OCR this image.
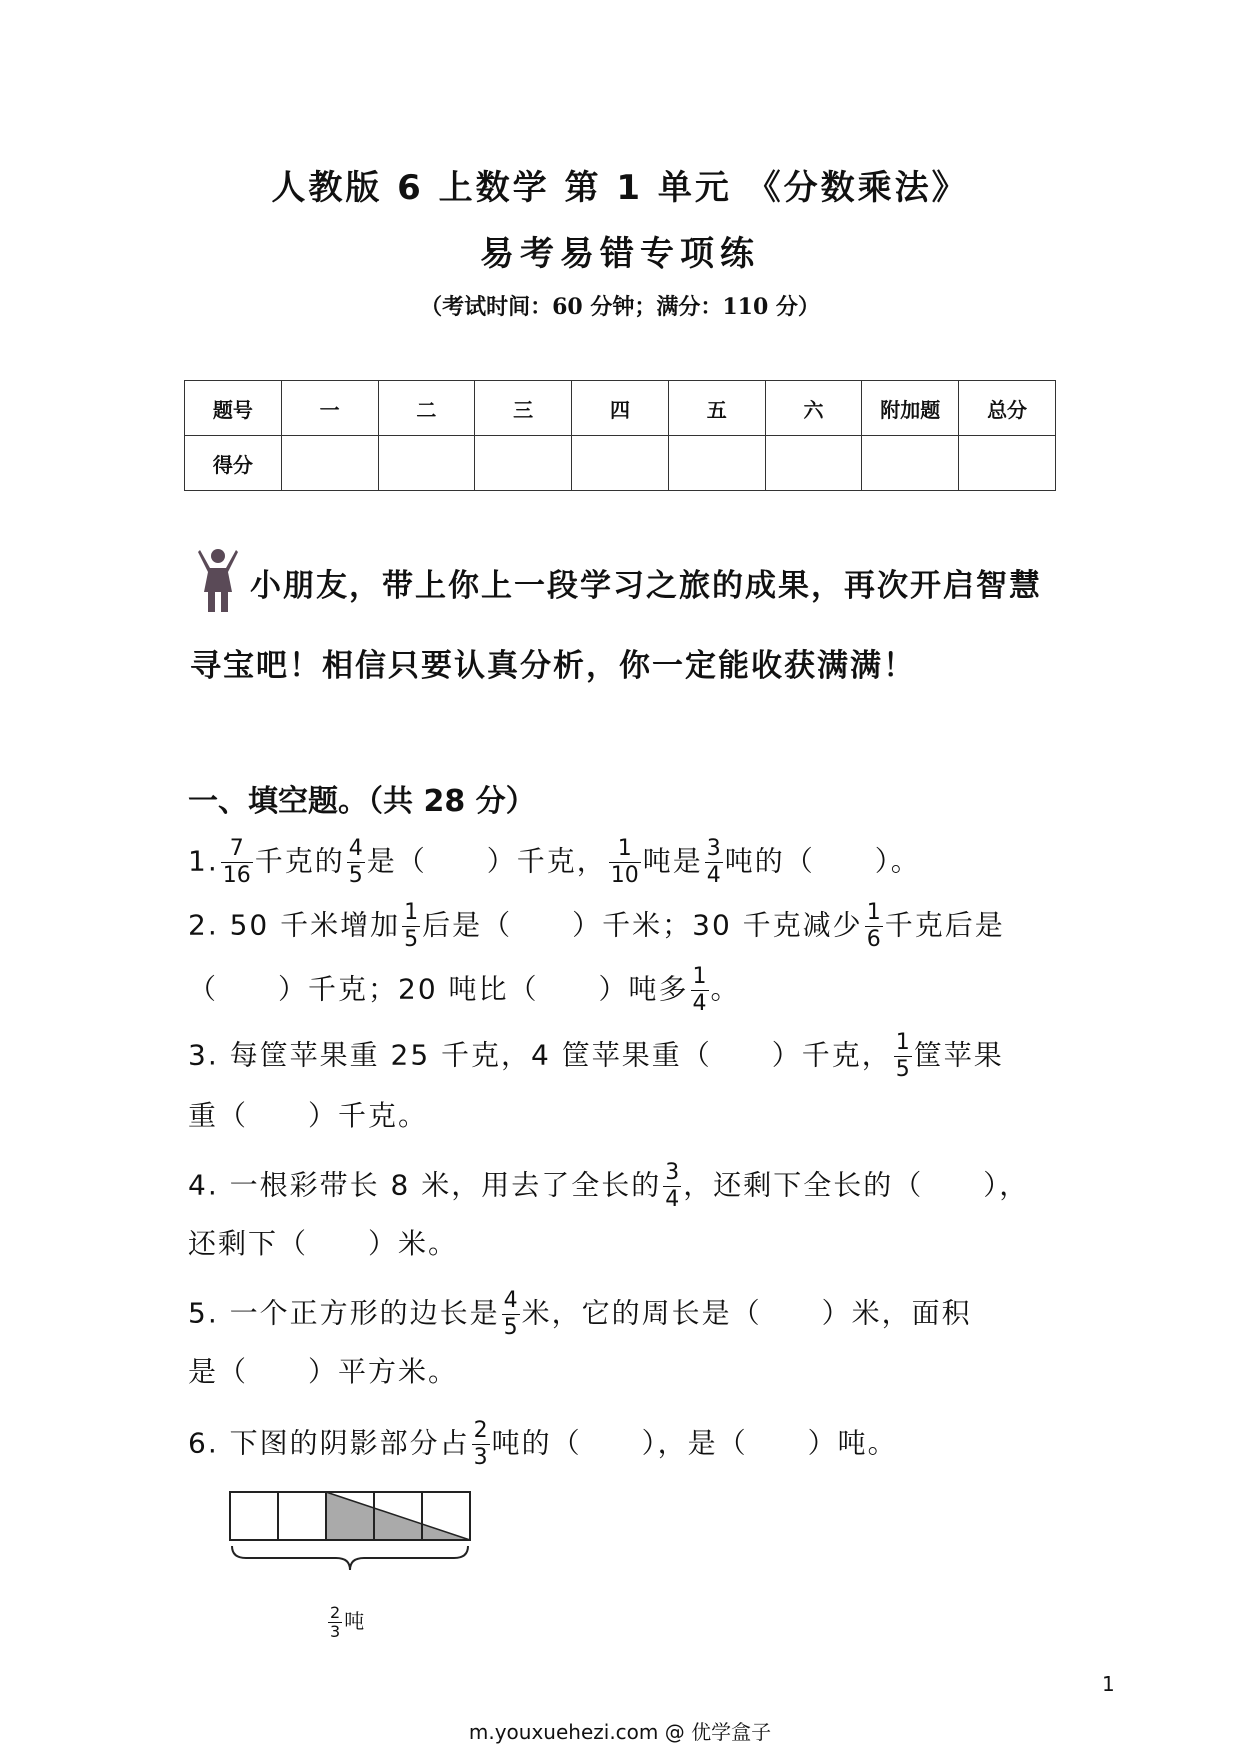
人教版 6 上数学 第 1 单元 《分数乘法》
易考易错专项练
（考试时间：60 分钟；满分：110 分）
题号	一	二	三	四	五	六	附加题	总分
得分								
小朋友，带上你上一段学习之旅的成果，再次开启智慧
寻宝吧！相信只要认真分析，你一定能收获满满！
一、填空题。（共 28 分）
1. $\frac{7}{16}$ 千克的 $\frac{4}{5}$ 是（　　）千克， $\frac{1}{10}$ 吨是 $\frac{3}{4}$ 吨的（　　）。
2. 50 千米增加 $\frac{1}{5}$ 后是（　　）千米；30 千克减少 $\frac{1}{6}$ 千克后是
（　　）千克；20 吨比（　　）吨多 $\frac{1}{4}$ 。
3. 每筐苹果重 25 千克，4 筐苹果重（　　）千克， $\frac{1}{5}$ 筐苹果
重（　　）千克。
4. 一根彩带长 8 米，用去了全长的 $\frac{3}{4}$ ，还剩下全长的（　　），
还剩下（　　）米。
5. 一个正方形的边长是 $\frac{4}{5}$ 米，它的周长是（　　）米，面积
是（　　）平方米。
6. 下图的阴影部分占 $\frac{2}{3}$ 吨的（　　），是（　　）吨。
$\frac{2}{3}$ 吨
1
m.youxuehezi.com @ 优学盒子
